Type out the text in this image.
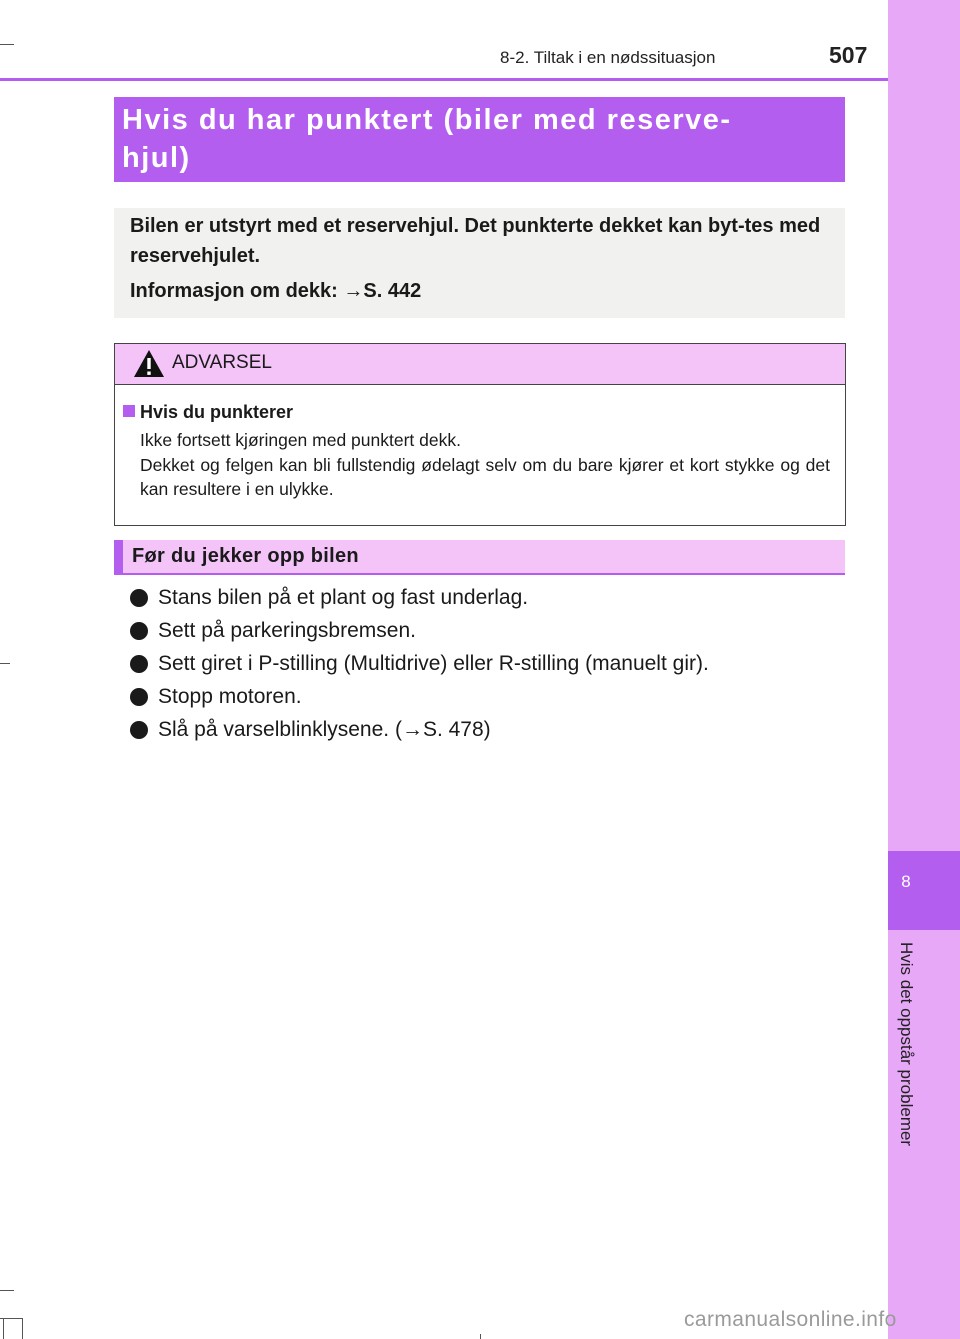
8
Hvis det oppstår problemer
8-2. Tiltak i en nødssituasjon	507
Hvis du har punktert (biler med reserve-
hjul)
Bilen er utstyrt med et reservehjul. Det punkterte dekket kan byt-tes med reservehjulet.
Informasjon om dekk: →S. 442
ADVARSEL
Hvis du punkterer
Ikke fortsett kjøringen med punktert dekk.
Dekket og felgen kan bli fullstendig ødelagt selv om du bare kjører et kort stykke og det kan resultere i en ulykke.
Før du jekker opp bilen
Stans bilen på et plant og fast underlag.
Sett på parkeringsbremsen.
Sett giret i P-stilling (Multidrive) eller R-stilling (manuelt gir).
Stopp motoren.
Slå på varselblinklysene. (→S. 478)
carmanualsonline.info
